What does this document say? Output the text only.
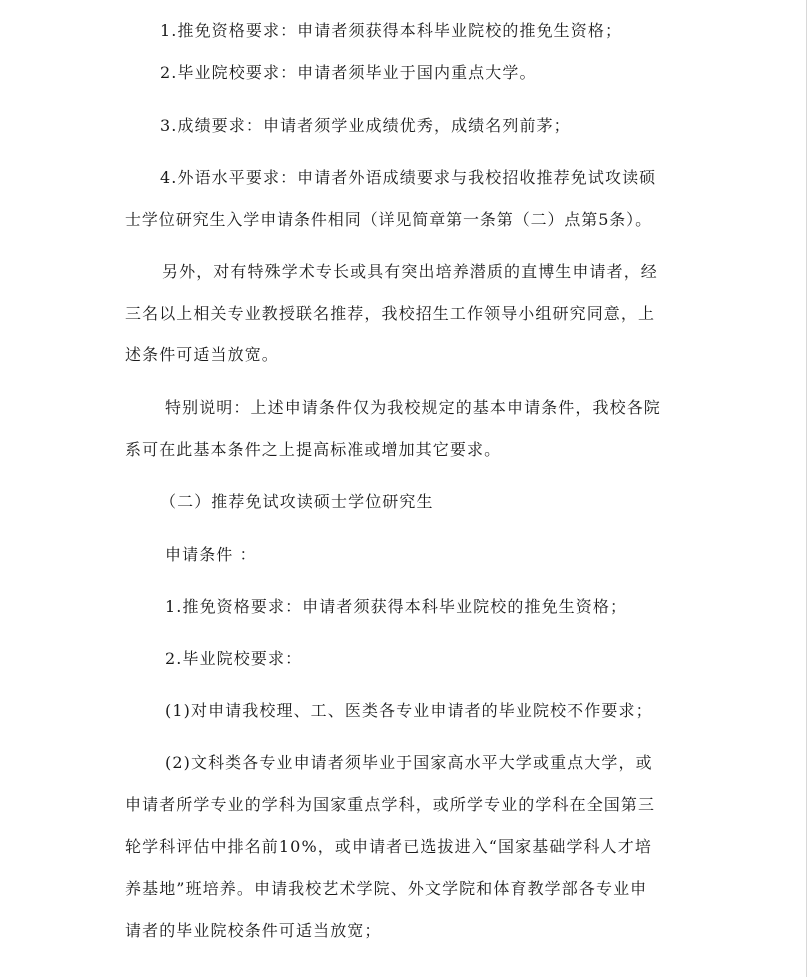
1.推免资格要求：申请者须获得本科毕业院校的推免生资格；
2.毕业院校要求：申请者须毕业于国内重点大学。
3.成绩要求：申请者须学业成绩优秀，成绩名列前茅；
4.外语水平要求：申请者外语成绩要求与我校招收推荐免试攻读硕
士学位研究生入学申请条件相同（详见简章第一条第（二）点第5条）。
另外，对有特殊学术专长或具有突出培养潜质的直博生申请者，经
三名以上相关专业教授联名推荐，我校招生工作领导小组研究同意，上
述条件可适当放宽。
特别说明：上述申请条件仅为我校规定的基本申请条件，我校各院
系可在此基本条件之上提高标准或增加其它要求。
（二）推荐免试攻读硕士学位研究生
申请条件 ：
1.推免资格要求：申请者须获得本科毕业院校的推免生资格；
2.毕业院校要求：
(1)对申请我校理、工、医类各专业申请者的毕业院校不作要求；
(2)文科类各专业申请者须毕业于国家高水平大学或重点大学，或
申请者所学专业的学科为国家重点学科，或所学专业的学科在全国第三
轮学科评估中排名前10%，或申请者已选拔进入“国家基础学科人才培
养基地”班培养。申请我校艺术学院、外文学院和体育教学部各专业申
请者的毕业院校条件可适当放宽；
